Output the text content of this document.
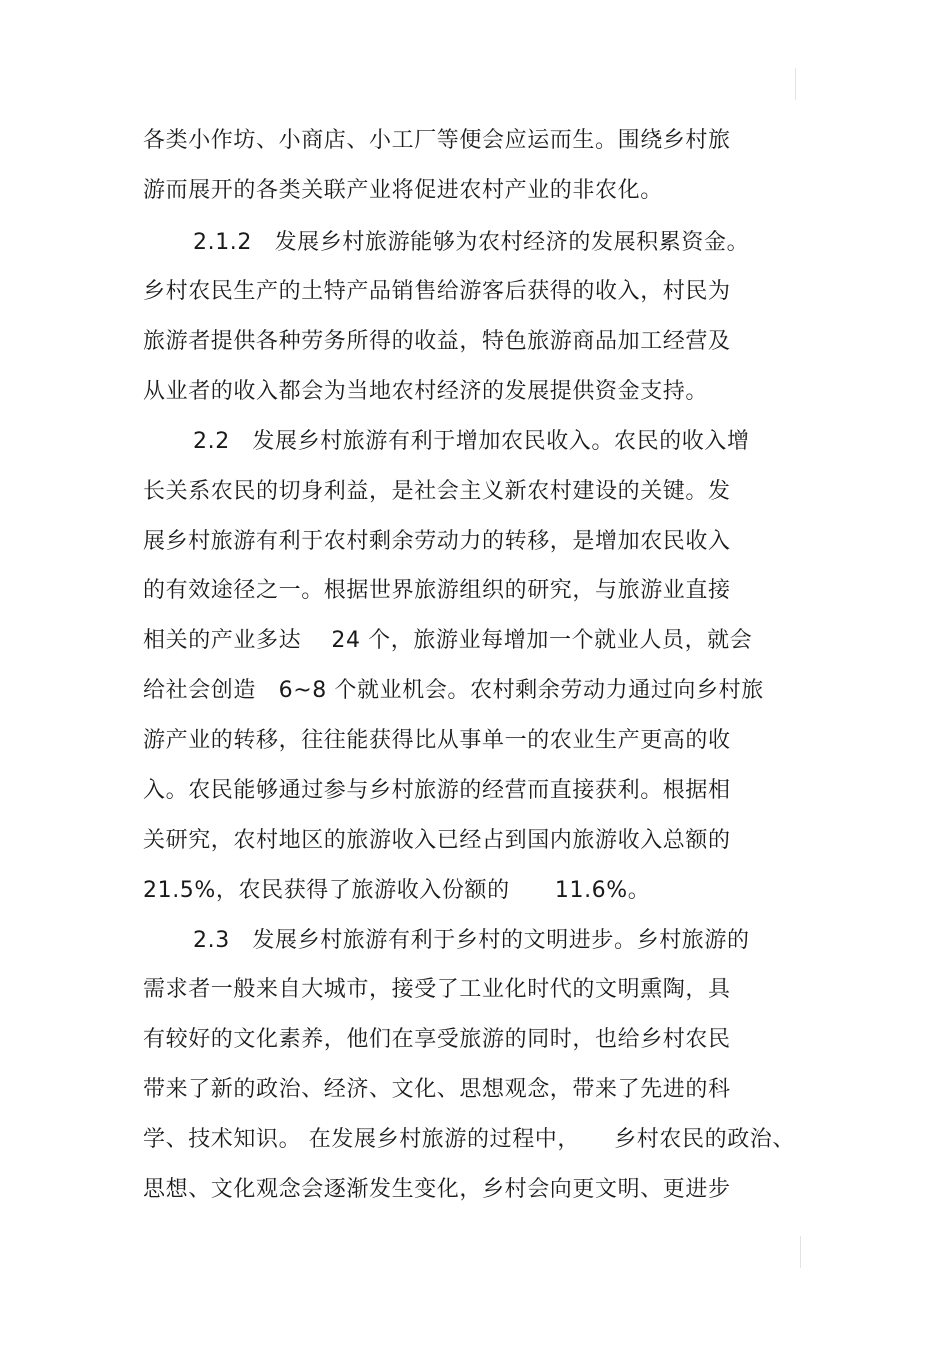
各类小作坊、小商店、小工厂等便会应运而生。围绕乡村旅
游而展开的各类关联产业将促进农村产业的非农化。
2.1.2　发展乡村旅游能够为农村经济的发展积累资金。
乡村农民生产的土特产品销售给游客后获得的收入，村民为
旅游者提供各种劳务所得的收益，特色旅游商品加工经营及
从业者的收入都会为当地农村经济的发展提供资金支持。
2.2　发展乡村旅游有利于增加农民收入。农民的收入增
长关系农民的切身利益，是社会主义新农村建设的关键。发
展乡村旅游有利于农村剩余劳动力的转移，是增加农民收入
的有效途径之一。根据世界旅游组织的研究，与旅游业直接
相关的产业多达　 24 个，旅游业每增加一个就业人员，就会
给社会创造　6~8 个就业机会。农村剩余劳动力通过向乡村旅
游产业的转移，往往能获得比从事单一的农业生产更高的收
入。农民能够通过参与乡村旅游的经营而直接获利。根据相
关研究，农村地区的旅游收入已经占到国内旅游收入总额的
21.5%，农民获得了旅游收入份额的　　11.6%。
2.3　发展乡村旅游有利于乡村的文明进步。乡村旅游的
需求者一般来自大城市，接受了工业化时代的文明熏陶，具
有较好的文化素养，他们在享受旅游的同时，也给乡村农民
带来了新的政治、经济、文化、思想观念，带来了先进的科
学、技术知识。 在发展乡村旅游的过程中，　　乡村农民的政治、
思想、文化观念会逐渐发生变化，乡村会向更文明、更进步
